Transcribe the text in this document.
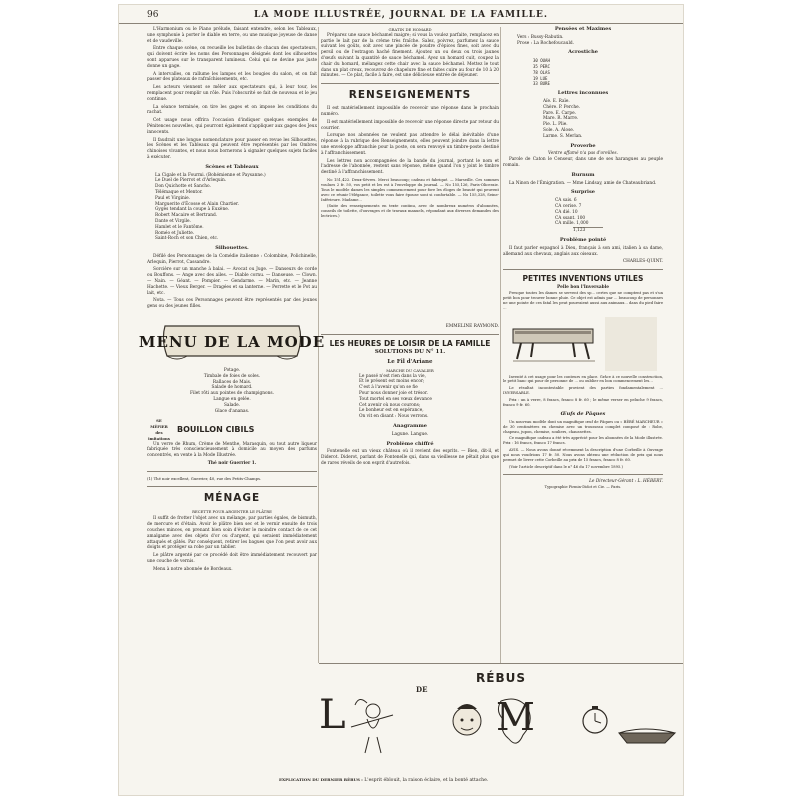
96	LA MODE ILLUSTRÉE, JOURNAL DE LA FAMILLE.

L'Harmonium ou le Piano prélude, faisant entendre, selon les Tableaux, une symphonie à porter le diable en terre, ou une musique joyeuse de danse et de vaudeville.

Entre chaque scène, on recueille les bulletins de chacun des spectateurs, qui doivent écrire les noms des Personnages désignés dont les silhouettes sont apparues sur le transparent lumineux. Celui qui ne devine pas juste donne un gage.

A intervalles, on rallume les lampes et les bougies du salon, et on fait passer des plateaux de rafraîchissements, etc.

Les acteurs viennent se mêler aux spectateurs qui, à leur tour, les remplacent pour remplir un rôle. Puis l'obscurité se fait de nouveau et le jeu continue.

La séance terminée, on tire les gages et on impose les conditions du rachat.

Cet usage nous offrira l'occasion d'indiquer quelques exemples de Pénitences nouvelles, qui pourront également s'appliquer aux gages des Jeux innocents.

Il faudrait une longue nomenclature pour passer en revue les Silhouettes, les Scènes et les Tableaux qui peuvent être représentés par les Ombres chinoises vivantes, et nous nous bornerons à signaler quelques sujets faciles à exécuter.

Scènes et Tableaux
La Cigale et la Fourmi. (Bohémienne et Paysanne.)
Le Duel de Pierrot et d'Arlequin.
Don Quichotte et Sancho.
Télémaque et Mentor.
Paul et Virginie.
Marguerite d'Écosse et Alain Chartier.
Gygès tendant la coupe à Euxène.
Robert Macaire et Bertrand.
Dante et Virgile.
Hamlet et le Fantôme.
Roméo et Juliette.
Saint-Roch et son Chien, etc.
Silhouettes.

Défilé des Personnages de la Comédie italienne : Colombine, Polichinelle, Arlequin, Pierrot, Cassandre.

Sorcière sur un manche à balai. — Avocat ou Juge. — Danseurs de corde ou Bouffons. — Ange avec des ailes. — Diable cornu. — Danseuse. — Clown. — Nain. — Géant. — Pompier. — Gendarme. — Marin, etc. — Jeanne Hachette. — Vieux Berger. — Dragées et sa lanterne. — Perrette et le Pot au lait, etc.

Nota. — Tous ces Personnages peuvent être représentés par des jeunes gens ou des jeunes filles.

MENU DE LA MODE
Potage.
Timbale de foies de soles.
Rallaces de Mais.
Salade de homard.
Filet rôti aux pointes de champignons.
Langue en gelée.
Salade.
Glace d'ananas.
SE MÉFIER des imitations
BOUILLON CIBILS

Un verre de Rhum, Crème de Menthe, Marasquin, ou tout autre liqueur fabriquée très consciencieusement à domicile au moyen des parfums concentrés, en vente à la Mode Illustrée.

Thé noir Guerrier 1.
(1) Thé noir excellent, Guerrier, 40, rue des Petits-Champs.
MÉNAGE
RECETTE POUR ARGENTER LE PLÂTRE

Il suffit de frotter l'objet avec un mélange, par parties égales, de bismuth, de mercure et d'étain. Avoir le plâtre bien sec et le vernir ensuite de trois couches minces, en prenant bien soin d'éviter le moindre contact de ce cet amalgame avec des objets d'or ou d'argent, qui seraient immédiatement attaqués et gâtés. Par conséquent, retirer les bagues que l'on peut avoir aux doigts et protéger sa robe par un tablier.

Le plâtre argenté par ce procédé doit être immédiatement recouvert par une couche de vernis.

Menu à notre abonnée de Bordeaux.

GRATIN DE HOMARD

Préparez une sauce béchamel maigre; si vous la voulez parfaite, remplacez en partie le lait par de la crème très fraîche. Salez, poivrez, parfumez la sauce suivant les goûts, soit avec une pincée de poudre d'épices fines, soit avec du persil ou de l'estragon haché finement. Ajoutez un ou deux ou trois jaunes d'œufs suivant la quantité de sauce béchamel. Ayez un homard cuit, coupez la chair du homard, mélangez cette chair avec la sauce béchamel. Mettez le tout dans un plat creux, recouvrez de chapelure fine et faites cuire au four de 10 à 20 minutes. — Ce plat, facile à faire, est une délicieuse entrée de déjeuner.

RENSEIGNEMENTS

Il est matériellement impossible de recevoir une réponse dans le prochain numéro.

Il est matériellement impossible de recevoir une réponse directe par retour du courrier.

Lorsque nos abonnées ne veulent pas attendre le délai inévitable d'une réponse à la rubrique des Renseignements, elles peuvent joindre dans la lettre une enveloppe affranchie pour la poste, on sera renvoyé un timbre-poste destiné à l'affranchissement.

Les lettres non accompagnées de la bande du journal, portant le nom et l'adresse de l'abonnée, restent sans réponse, même quand l'on y joint le timbre destiné à l'affranchissement.

No 151,422. Deux-Sèvres. Merci beaucoup; cadeau et fabriqué. — Marseille. Ces sommes voulues 2 fr. 50, vos petit et les est à l'enveloppe du journal. — No 155,126, Paris-Oliceraie. Tous le modèle dames les simples commencement pour fore les éloges de beauté qui peuvent avec ce réunir l'élégance, toilette vous faire épouse sont si confortable. — No 155,328, Seine-Inférieure. Madame...

(Suite des renseignements en texte continu, avec de nombreux numéros d'abonnées, conseils de toilette, d'ouvrages et de travaux manuels, répondant aux diverses demandes des lectrices.)

EMMELINE RAYMOND.
LES HEURES DE LOISIR DE LA FAMILLE
SOLUTIONS DU N° 11.
Le Fil d'Ariane
MARCHE DU CAVALIER
Le passé n'est rien dans la vie,
Et le présent est moins encor;
C'est à l'avenir qu'on se fie
Pour nous donner joie et trésor.
Tout mortel en ses vœux devance
Cet avenir où nous courons;
Le bonheur est en espérance,
On vit en disant : Nous verrons.
Anagramme
Lagune. Langue.
Problème chiffré

Fontenelle eut un vieux château où il revient des esprits. — Bien, dit-il, et Diderot. Diderot, parlant de Fontenelle qui, dans sa vieillesse ne pêtait plus que de rares réveils de son esprit d'autrefois.

Pensées et Maximes
Vers : Bussy-Rabutin.
Prose : La Rochefoucauld.
Acrostiche
30 OUAH
35 PERC
78 OLAS
19 LUE
33 BURE
Lettres inconnues
Aïe. E. Raïe.
Chère. P. Perche.
Pare. E. Carpe.
Mare. R. Marre.
Pie. L. Plie.
Sole. A. Alose.
Larme. S. Merlan.
Proverbe
Ventre affamé n'a pas d'oreilles.

Parole de Caton le Censeur, dans une de ses harangues au peuple romain.

Burnum

La Ninon de l'Émigration. — Mme Lindsay, amie de Chateaubriand.

Surprise
CA sais. 6
CA cerise. 7
CA dié. 10
CA ssant. 100
CA mille. 1,000
1,123
Problème pointé

Il faut parler espagnol à Dieu, français à son ami, italien à sa dame, allemand aux chevaux, anglais aux oiseaux.

CHARLES-QUINT.
PETITES INVENTIONS UTILES
Pelle bon l'Inversable

Presque toutes les dames se servent des sp... certes que ne comptent pas et s'un petit bon pour trouver bonne pluie. Ce objet est admis par ... beaucoup de personnes ne une pointe de ces fatal les peut pourraient aussi aux animaux... dans du pied faire ...

Inventé à cet usage pour les conteurs en place. Grâce à ce nouvelle construction, le petit banc qui pour de personne de ... ou oublier en bon commencement les...

Le résultat incontestable provient des parties fondamentalement ... INVERSABLE.

Prix : un à verre, 8 francs, franco 8 fr. 60 ; le même verser en peluche 9 francs, franco 9 fr. 60.

Œufs de Pâques

Un nouveau modèle dont un magnifique œuf de Pâques ou « BÉBÉ MARCHEUR » de 30 centimètres en chemise avec un trousseau complet composé de : Robe, chapeau, jupon, chemise, souliers, chaussettes.

Ce magnifique cadeau a été très apprécié pour les abonnées de la Mode illustrée. Prix : 16 francs, franco 17 francs.

AVIS. — Nous avons donné récemment la description d'une Corbeille à Ouvrage qui nous voudrions 17 fr. 50. Nous avons obtenu une réduction de prix qui nous permet de livrer cette Corbeille au prix de 15 francs, franco 8 fr. 60.

(Voir l'article descriptif dans le n° 46 du 17 novembre 1895.)

Le Directeur-Gérant : L. HÉBERT.
Typographie Firmin-Didot et Cie. — Paris.
RÉBUS
L
DE
M
EXPLICATION DU DERNIER RÉBUS : L'esprit éblouit, la raison éclaire, et la bonté attache.
